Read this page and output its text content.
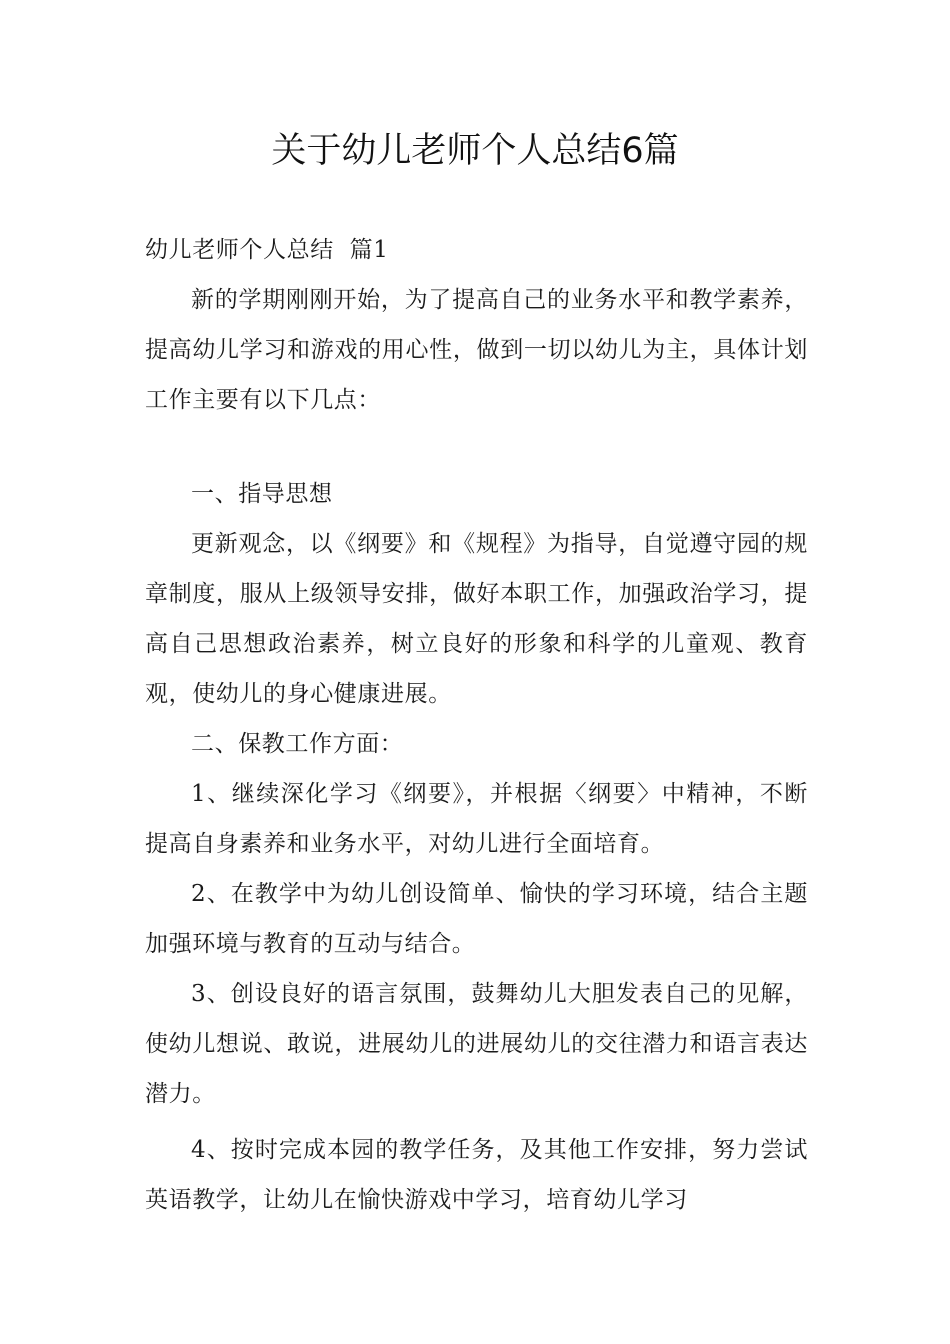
关于幼儿老师个人总结6篇
幼儿老师个人总结  篇1
新的学期刚刚开始，为了提高自己的业务水平和教学素养，提高幼儿学习和游戏的用心性，做到一切以幼儿为主，具体计划工作主要有以下几点：
一、指导思想
更新观念，以《纲要》和《规程》为指导，自觉遵守园的规章制度，服从上级领导安排，做好本职工作，加强政治学习，提高自己思想政治素养，树立良好的形象和科学的儿童观、教育观，使幼儿的身心健康进展。
二、保教工作方面：
1、继续深化学习《纲要》，并根据〈纲要〉中精神，不断提高自身素养和业务水平，对幼儿进行全面培育。
2、在教学中为幼儿创设简单、愉快的学习环境，结合主题加强环境与教育的互动与结合。
3、创设良好的语言氛围，鼓舞幼儿大胆发表自己的见解，使幼儿想说、敢说，进展幼儿的进展幼儿的交往潜力和语言表达潜力。
4、按时完成本园的教学任务，及其他工作安排，努力尝试英语教学，让幼儿在愉快游戏中学习，培育幼儿学习
